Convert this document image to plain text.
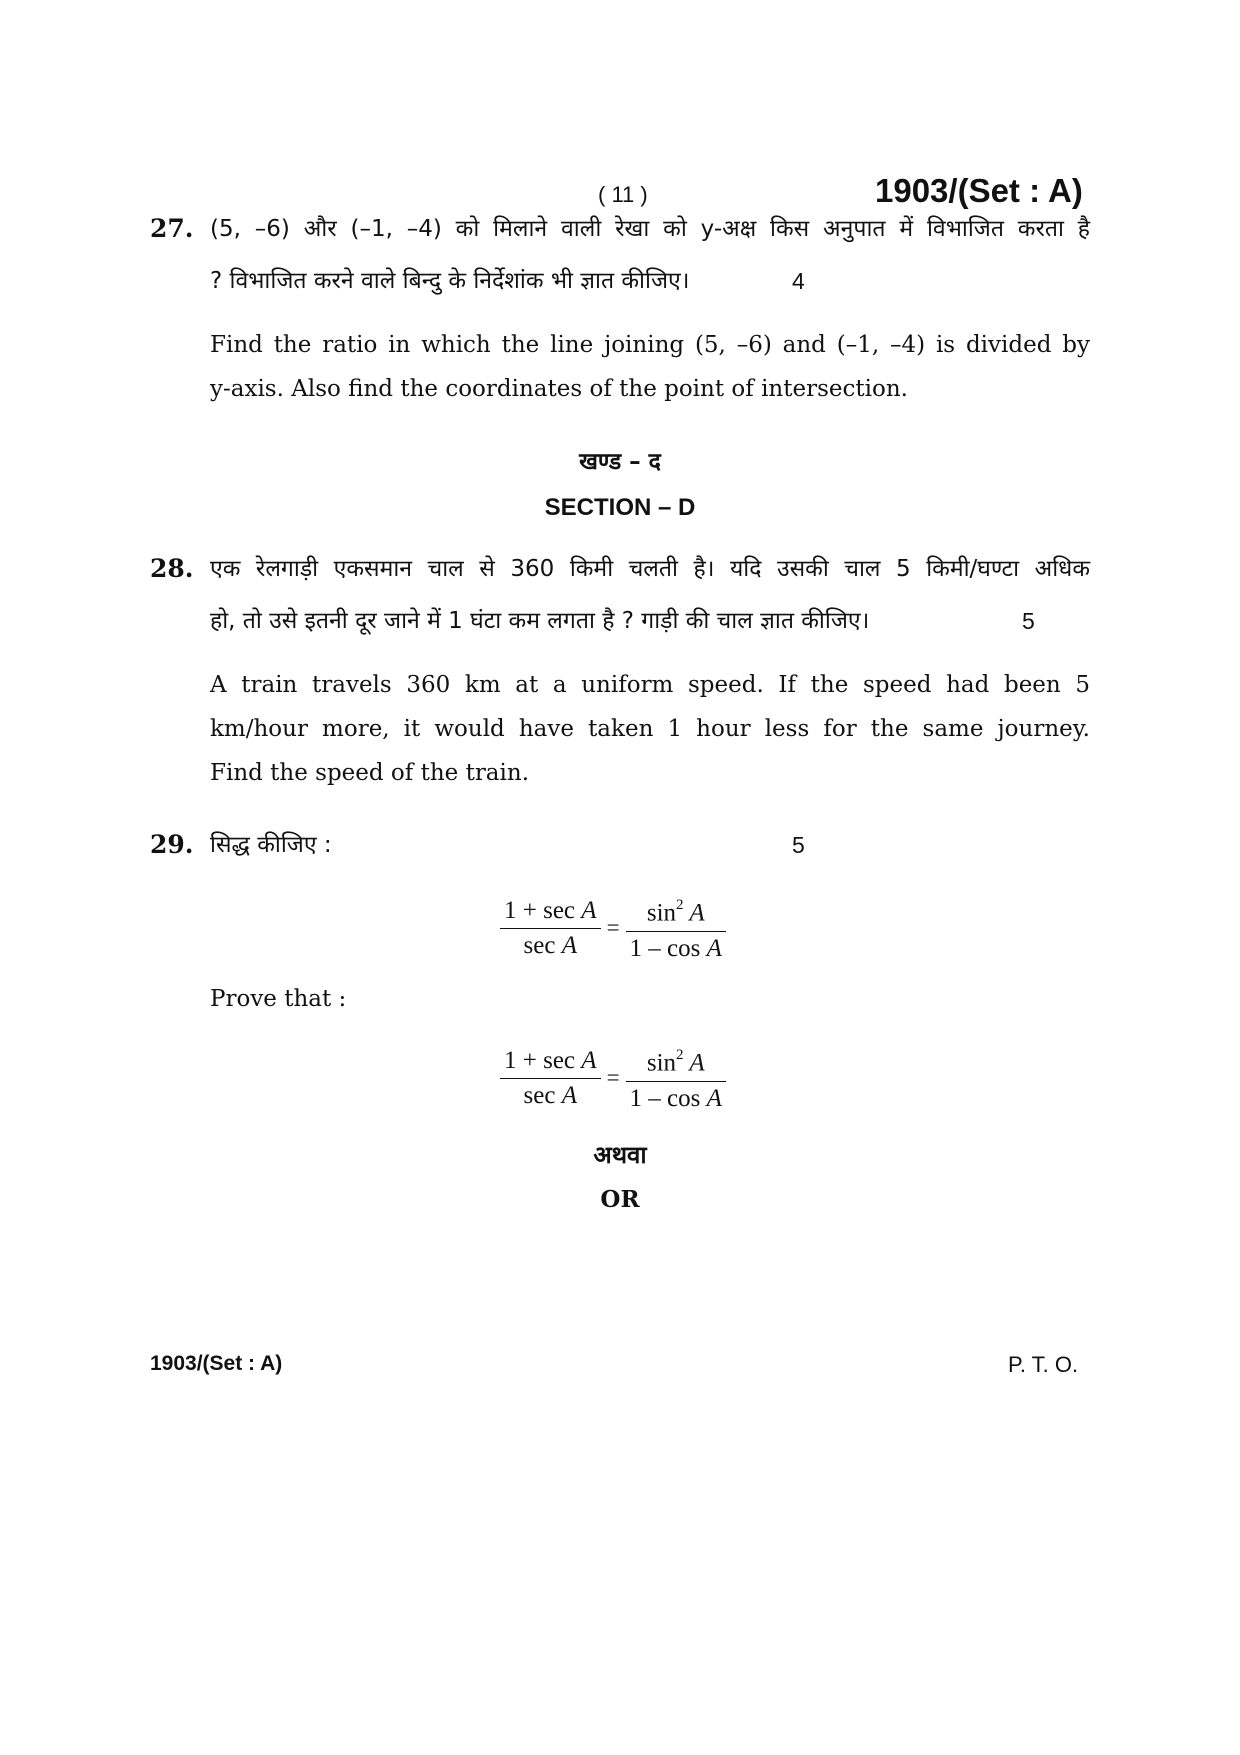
( 11 )	1903/(Set : A)
27. (5, –6) और (–1, –4) को मिलाने वाली रेखा को y-अक्ष किस अनुपात में विभाजित करता है
? विभाजित करने वाले बिन्दु के निर्देशांक भी ज्ञात कीजिए।	4
Find the ratio in which the line joining (5, –6) and (–1, –4) is divided by
y-axis. Also find the coordinates of the point of intersection.
खण्ड – द
SECTION – D
28. एक रेलगाड़ी एकसमान चाल से 360 किमी चलती है। यदि उसकी चाल 5 किमी/घण्टा अधिक
हो, तो उसे इतनी दूर जाने में 1 घंटा कम लगता है ? गाड़ी की चाल ज्ञात कीजिए।	5
A train travels 360 km at a uniform speed. If the speed had been 5
km/hour more, it would have taken 1 hour less for the same journey.
Find the speed of the train.
29. सिद्ध कीजिए :	5
$\frac{\text{1 + sec A}}{\text{sec A}} = \frac{\sin^2 A}{\text{1 – cos A}}$
Prove that :
$\frac{\text{1 + sec A}}{\text{sec A}} = \frac{\sin^2 A}{\text{1 – cos A}}$
अथवा
OR
1903/(Set : A)	P. T. O.
